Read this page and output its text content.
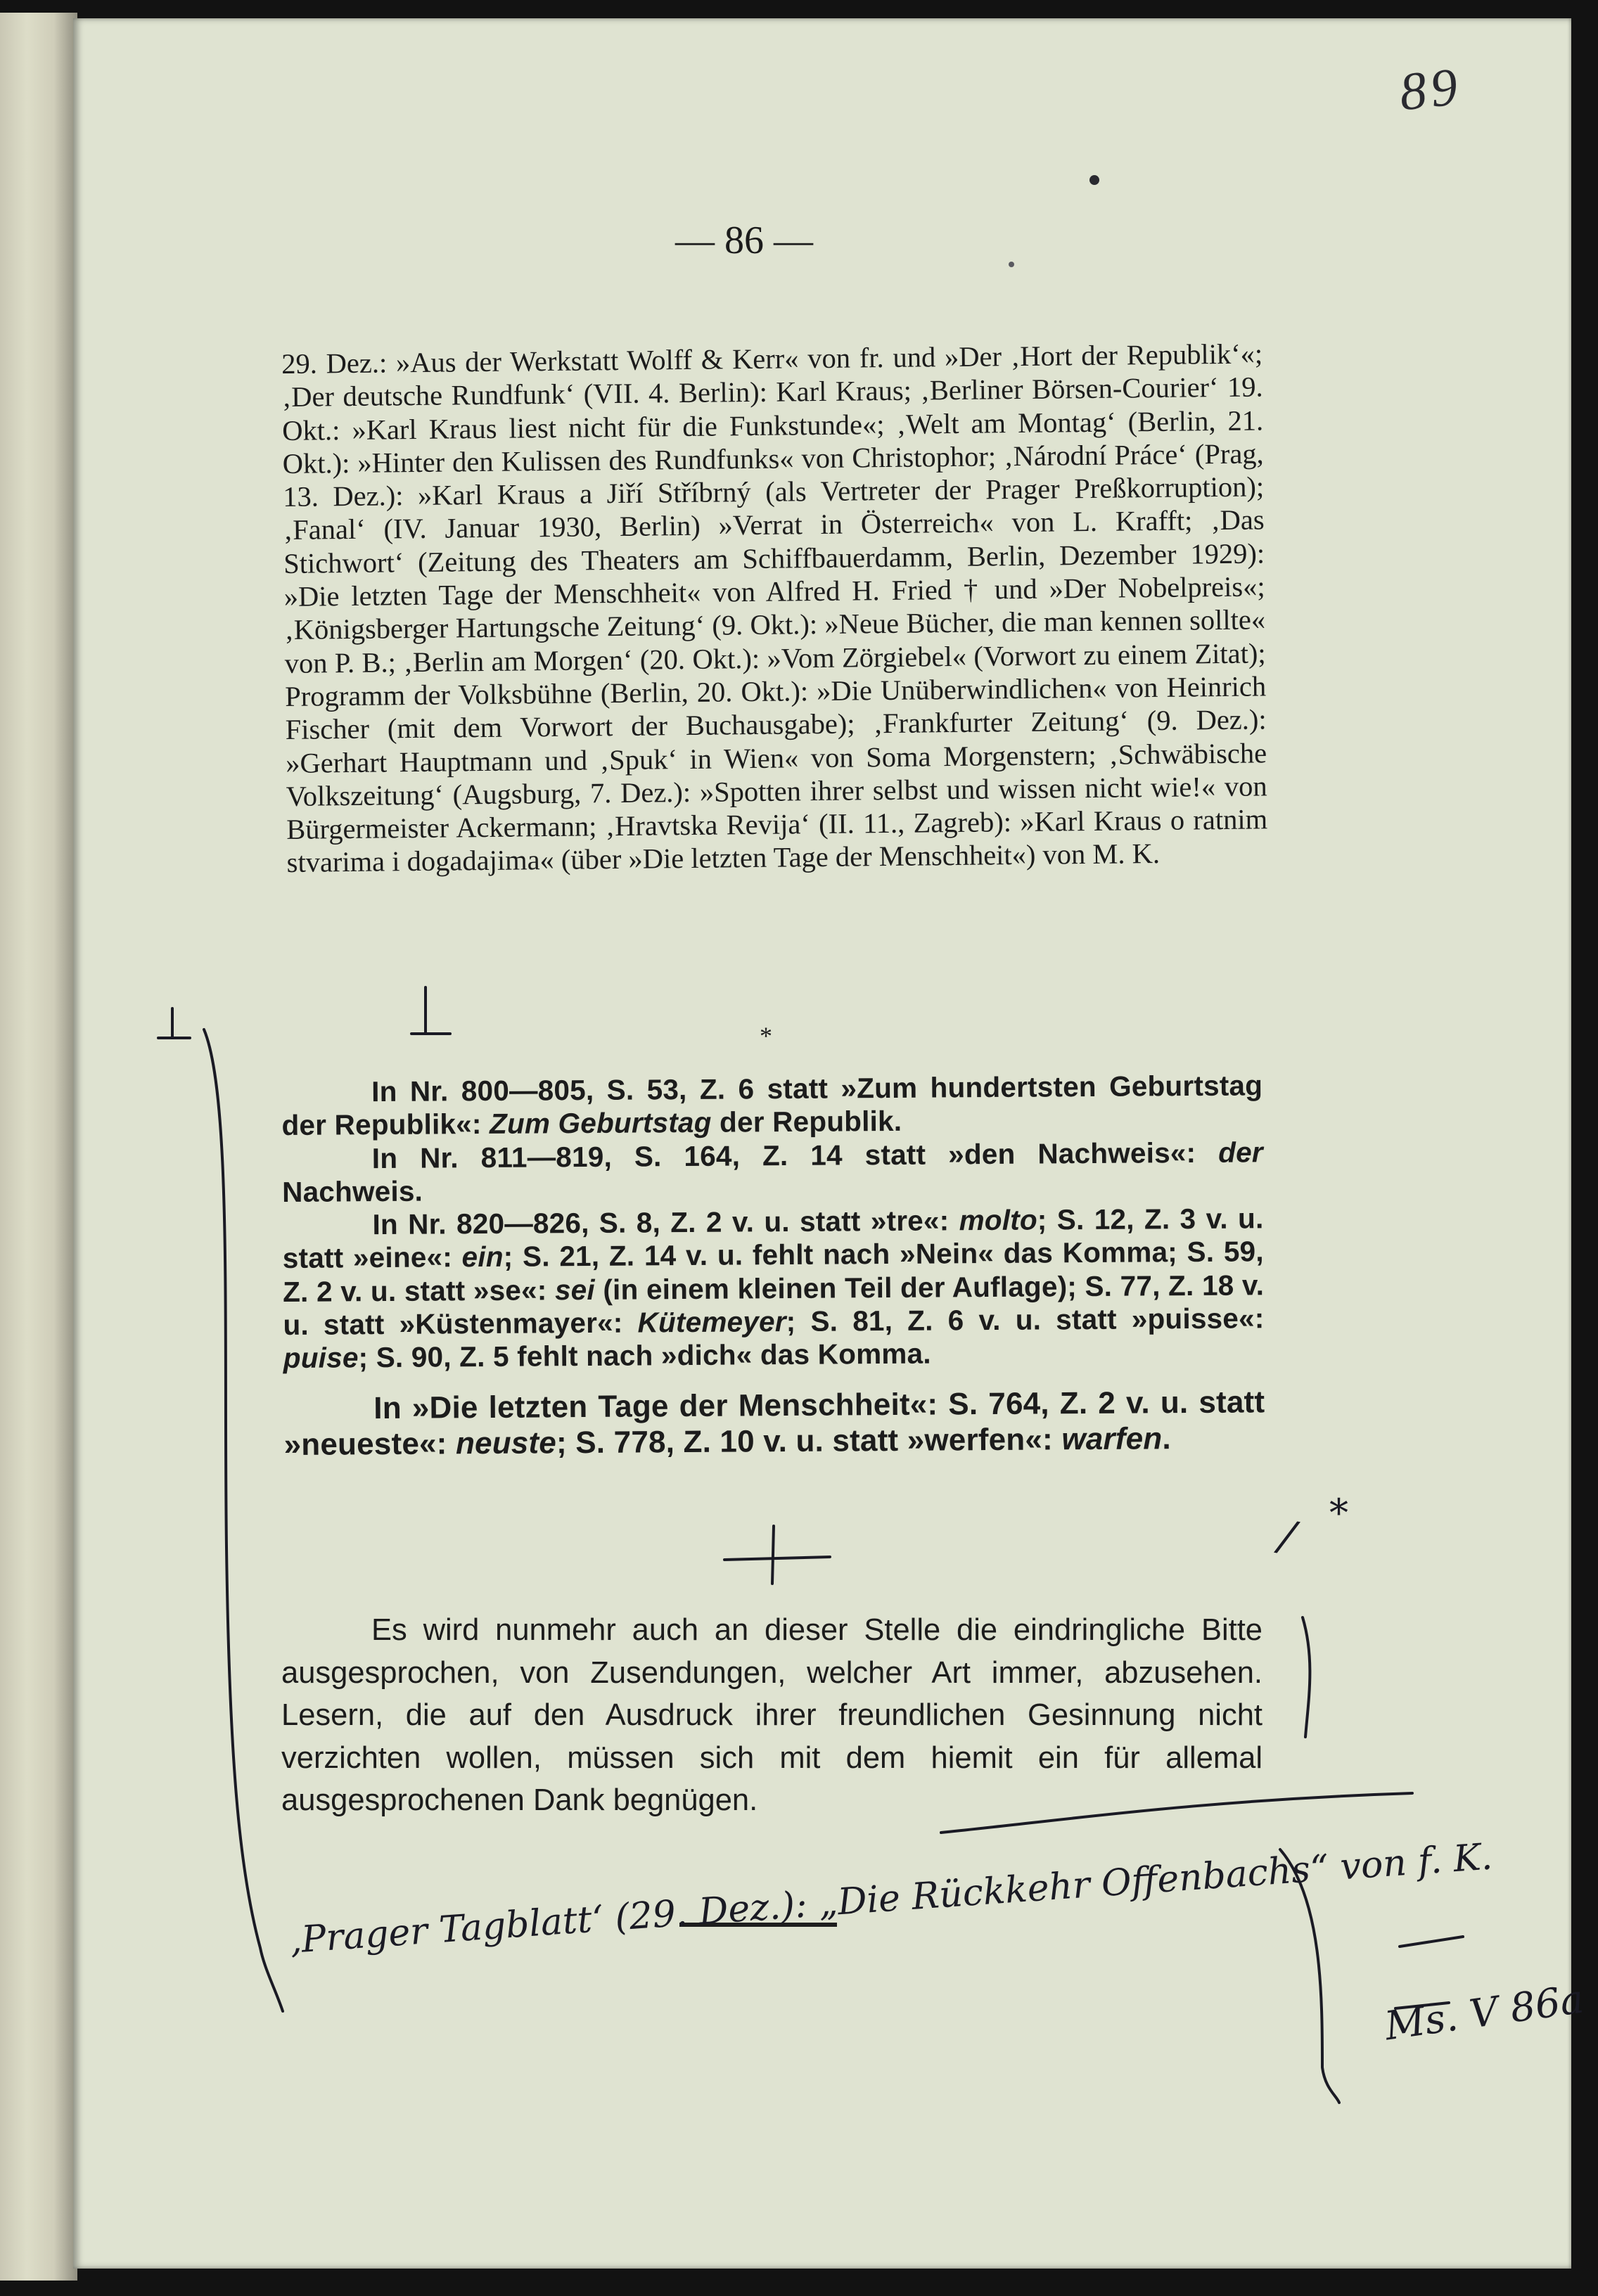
89
— 86 —

29. Dez.: »Aus der Werkstatt Wolff & Kerr« von fr. und »Der ‚Hort der Republik‘«; ‚Der deutsche Rundfunk‘ (VII. 4. Berlin): Karl Kraus; ‚Berliner Börsen-Courier‘ 19. Okt.: »Karl Kraus liest nicht für die Funkstunde«; ‚Welt am Montag‘ (Berlin, 21. Okt.): »Hinter den Kulissen des Rundfunks« von Christophor; ‚Národní Práce‘ (Prag, 13. Dez.): »Karl Kraus a Jiří Stříbrný (als Vertreter der Prager Preßkorruption); ‚Fanal‘ (IV. Januar 1930, Berlin) »Verrat in Österreich« von L. Krafft; ‚Das Stichwort‘ (Zeitung des Theaters am Schiffbauerdamm, Berlin, Dezember 1929): »Die letzten Tage der Menschheit« von Alfred H. Fried † und »Der Nobelpreis«; ‚Königsberger Hartungsche Zeitung‘ (9. Okt.): »Neue Bücher, die man kennen sollte« von P. B.; ‚Berlin am Morgen‘ (20. Okt.): »Vom Zörgiebel« (Vorwort zu einem Zitat); Programm der Volksbühne (Berlin, 20. Okt.): »Die Unüberwindlichen« von Heinrich Fischer (mit dem Vorwort der Buchausgabe); ‚Frankfurter Zeitung‘ (9. Dez.): »Gerhart Hauptmann und ‚Spuk‘ in Wien« von Soma Morgenstern; ‚Schwäbische Volkszeitung‘ (Augsburg, 7. Dez.): »Spotten ihrer selbst und wissen nicht wie!« von Bürgermeister Ackermann; ‚Hravtska Revija‘ (II. 11., Zagreb): »Karl Kraus o ratnim stvarima i dogadajima« (über »Die letzten Tage der Menschheit«) von M. K.

*

In Nr. 800—805, S. 53, Z. 6 statt »Zum hundertsten Geburtstag der Republik«: Zum Geburtstag der Republik.

In Nr. 811—819, S. 164, Z. 14 statt »den Nachweis«: der Nachweis.

In Nr. 820—826, S. 8, Z. 2 v. u. statt »tre«: molto; S. 12, Z. 3 v. u. statt »eine«: ein; S. 21, Z. 14 v. u. fehlt nach »Nein« das Komma; S. 59, Z. 2 v. u. statt »se«: sei (in einem kleinen Teil der Auflage); S. 77, Z. 18 v. u. statt »Küstenmayer«: Kütemeyer; S. 81, Z. 6 v. u. statt »puisse«: puise; S. 90, Z. 5 fehlt nach »dich« das Komma.

In »Die letzten Tage der Menschheit«: S. 764, Z. 2 v. u. statt »neueste«: neuste; S. 778, Z. 10 v. u. statt »werfen«: warfen.

Es wird nunmehr auch an dieser Stelle die eindringliche Bitte ausgesprochen, von Zusendungen, welcher Art immer, abzusehen. Lesern, die auf den Ausdruck ihrer freundlichen Gesinnung nicht verzichten wollen, müssen sich mit dem hiemit ein für allemal ausgesprochenen Dank begnügen.

*
/
‚Prager Tagblatt‘ (29. Dez.): „Die Rückkehr Offenbachs“ von f. K.
Ms. V 86a
